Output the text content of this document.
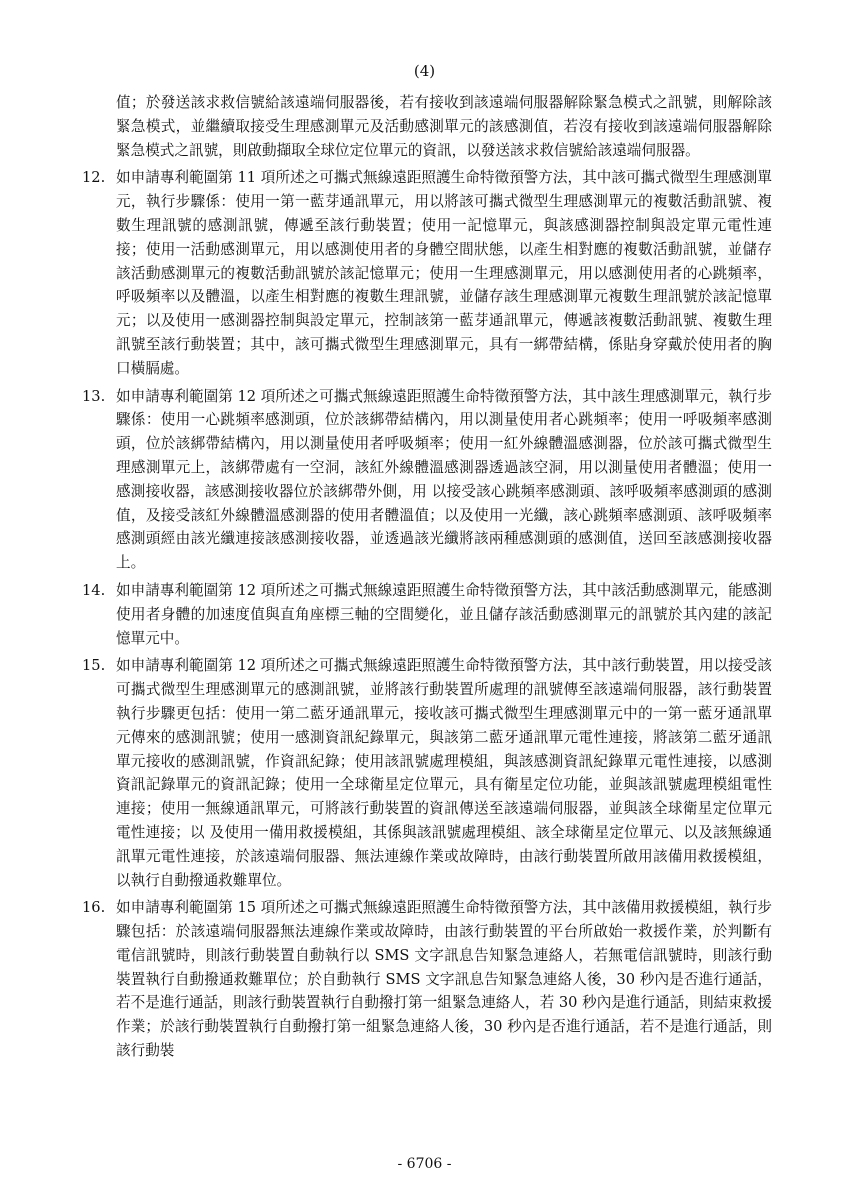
(4)

值；於發送該求救信號給該遠端伺服器後，若有接收到該遠端伺服器解除緊急模式之訊號，則解除該緊急模式，並繼續取接受生理感測單元及活動感測單元的該感測值，若沒有接收到該遠端伺服器解除緊急模式之訊號，則啟動擷取全球位定位單元的資訊，以發送該求救信號給該遠端伺服器。

12. 如申請專利範圍第 11 項所述之可攜式無線遠距照護生命特徵預警方法，其中該可攜式微型生理感測單元，執行步驟係：使用一第一藍芽通訊單元，用以將該可攜式微型生理感測單元的複數活動訊號、複數生理訊號的感測訊號，傳遞至該行動裝置；使用一記憶單元，與該感測器控制與設定單元電性連接；使用一活動感測單元，用以感測使用者的身體空間狀態，以產生相對應的複數活動訊號，並儲存該活動感測單元的複數活動訊號於該記憶單元；使用一生理感測單元，用以感測使用者的心跳頻率，呼吸頻率以及體溫，以產生相對應的複數生理訊號，並儲存該生理感測單元複數生理訊號於該記憶單元；以及使用一感測器控制與設定單元，控制該第一藍芽通訊單元，傳遞該複數活動訊號、複數生理訊號至該行動裝置；其中，該可攜式微型生理感測單元，具有一綁帶結構，係貼身穿戴於使用者的胸口橫膈處。

13. 如申請專利範圍第 12 項所述之可攜式無線遠距照護生命特徵預警方法，其中該生理感測單元，執行步驟係：使用一心跳頻率感測頭，位於該綁帶結構內，用以測量使用者心跳頻率；使用一呼吸頻率感測頭，位於該綁帶結構內，用以測量使用者呼吸頻率；使用一紅外線體溫感測器，位於該可攜式微型生理感測單元上，該綁帶處有一空洞，該紅外線體溫感測器透過該空洞，用以測量使用者體溫；使用一感測接收器，該感測接收器位於該綁帶外側，用 以接受該心跳頻率感測頭、該呼吸頻率感測頭的感測值，及接受該紅外線體溫感測器的使用者體溫值；以及使用一光纖，該心跳頻率感測頭、該呼吸頻率感測頭經由該光纖連接該感測接收器，並透過該光纖將該兩種感測頭的感測值，送回至該感測接收器上。

14. 如申請專利範圍第 12 項所述之可攜式無線遠距照護生命特徵預警方法，其中該活動感測單元，能感測使用者身體的加速度值與直角座標三軸的空間變化，並且儲存該活動感測單元的訊號於其內建的該記憶單元中。

15. 如申請專利範圍第 12 項所述之可攜式無線遠距照護生命特徵預警方法，其中該行動裝置，用以接受該可攜式微型生理感測單元的感測訊號，並將該行動裝置所處理的訊號傳至該遠端伺服器，該行動裝置執行步驟更包括：使用一第二藍牙通訊單元，接收該可攜式微型生理感測單元中的一第一藍牙通訊單元傳來的感測訊號；使用一感測資訊紀錄單元，與該第二藍牙通訊單元電性連接，將該第二藍牙通訊單元接收的感測訊號，作資訊紀錄；使用該訊號處理模組，與該感測資訊紀錄單元電性連接，以感測資訊記錄單元的資訊記錄；使用一全球衛星定位單元，具有衛星定位功能，並與該訊號處理模組電性連接；使用一無線通訊單元，可將該行動裝置的資訊傳送至該遠端伺服器，並與該全球衛星定位單元電性連接；以 及使用一備用救援模組，其係與該訊號處理模組、該全球衛星定位單元、以及該無線通訊單元電性連接，於該遠端伺服器、無法連線作業或故障時，由該行動裝置所啟用該備用救援模組，以執行自動撥通救難單位。

16. 如申請專利範圍第 15 項所述之可攜式無線遠距照護生命特徵預警方法，其中該備用救援模組，執行步驟包括：於該遠端伺服器無法連線作業或故障時，由該行動裝置的平台所啟始一救援作業，於判斷有電信訊號時，則該行動裝置自動執行以 SMS 文字訊息告知緊急連絡人，若無電信訊號時，則該行動裝置執行自動撥通救難單位；於自動執行 SMS 文字訊息告知緊急連絡人後，30 秒內是否進行通話，若不是進行通話，則該行動裝置執行自動撥打第一組緊急連絡人，若 30 秒內是進行通話，則結束救援作業；於該行動裝置執行自動撥打第一組緊急連絡人後，30 秒內是否進行通話，若不是進行通話，則該行動裝

- 6706 -
